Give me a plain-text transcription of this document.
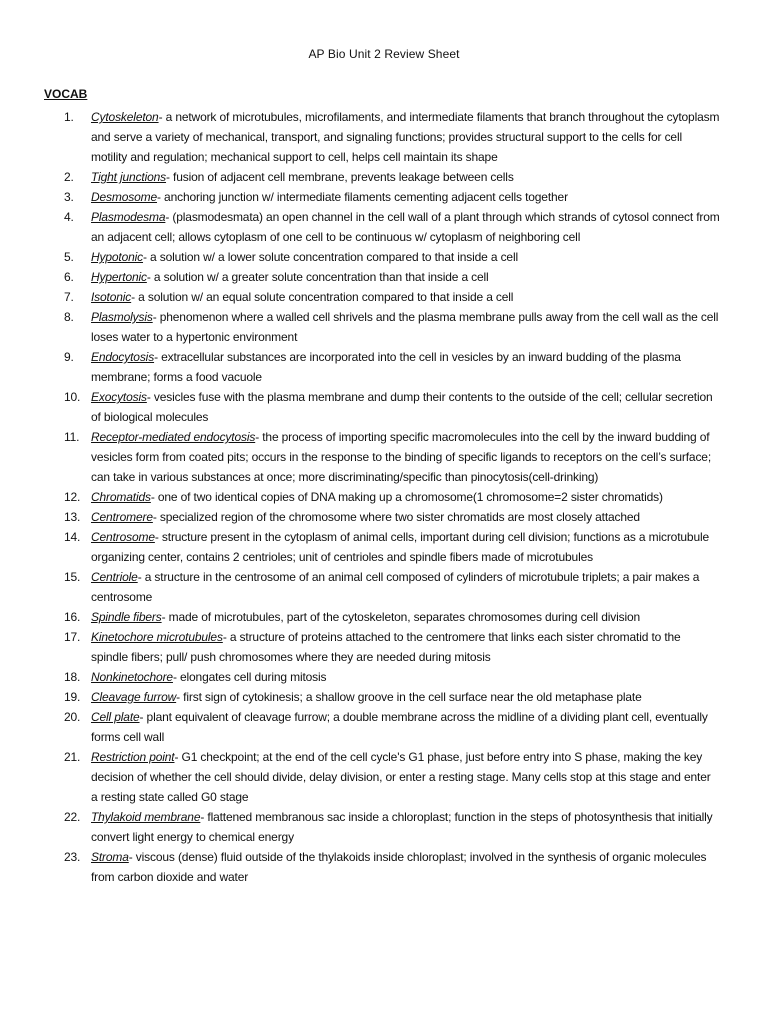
AP Bio Unit 2 Review Sheet
VOCAB
1.	Cytoskeleton- a network of microtubules, microfilaments, and intermediate filaments that branch throughout the cytoplasm and serve a variety of mechanical, transport, and signaling functions; provides structural support to the cells for cell motility and regulation; mechanical support to cell, helps cell maintain its shape
2.	Tight junctions- fusion of adjacent cell membrane, prevents leakage between cells
3.	Desmosome- anchoring junction w/ intermediate filaments cementing adjacent cells together
4.	Plasmodesma- (plasmodesmata) an open channel in the cell wall of a plant through which strands of cytosol connect from an adjacent cell; allows cytoplasm of one cell to be continuous w/ cytoplasm of neighboring cell
5.	Hypotonic- a solution w/ a lower solute concentration compared to that inside a cell
6.	Hypertonic- a solution w/ a greater solute concentration than that inside a cell
7.	Isotonic- a solution w/ an equal solute concentration compared to that inside a cell
8.	Plasmolysis- phenomenon where a walled cell shrivels and the plasma membrane pulls away from the cell wall as the cell loses water to a hypertonic environment
9.	Endocytosis- extracellular substances are incorporated into the cell in vesicles by an inward budding of the plasma membrane; forms a food vacuole
10. Exocytosis- vesicles fuse with the plasma membrane and dump their contents to the outside of the cell; cellular secretion of biological molecules
11. Receptor-mediated endocytosis- the process of importing specific macromolecules into the cell by the inward budding of vesicles form from coated pits; occurs in the response to the binding of specific ligands to receptors on the cell’s surface; can take in various substances at once; more discriminating/specific than pinocytosis(cell-drinking)
12. Chromatids- one of two identical copies of DNA making up a chromosome(1 chromosome=2 sister chromatids)
13. Centromere- specialized region of the chromosome where two sister chromatids are most closely attached
14. Centrosome- structure present in the cytoplasm of animal cells, important during cell division; functions as a microtubule organizing center, contains 2 centrioles; unit of centrioles and spindle fibers made of microtubules
15. Centriole- a structure in the centrosome of an animal cell composed of cylinders of microtubule triplets; a pair makes a centrosome
16. Spindle fibers- made of microtubules, part of the cytoskeleton, separates chromosomes during cell division
17. Kinetochore microtubules- a structure of proteins attached to the centromere that links each sister chromatid to the spindle fibers; pull/ push chromosomes where they are needed during mitosis
18. Nonkinetochore- elongates cell during mitosis
19. Cleavage furrow- first sign of cytokinesis; a shallow groove in the cell surface near the old metaphase plate
20. Cell plate- plant equivalent of cleavage furrow; a double membrane across the midline of a dividing plant cell, eventually forms cell wall
21. Restriction point- G1 checkpoint; at the end of the cell cycle's G1 phase, just before entry into S phase, making the key decision of whether the cell should divide, delay division, or enter a resting stage. Many cells stop at this stage and enter a resting state called G0 stage
22. Thylakoid membrane- flattened membranous sac inside a chloroplast; function in the steps of photosynthesis that initially convert light energy to chemical energy
23. Stroma- viscous (dense) fluid outside of the thylakoids inside chloroplast; involved in the synthesis of organic molecules from carbon dioxide and water
